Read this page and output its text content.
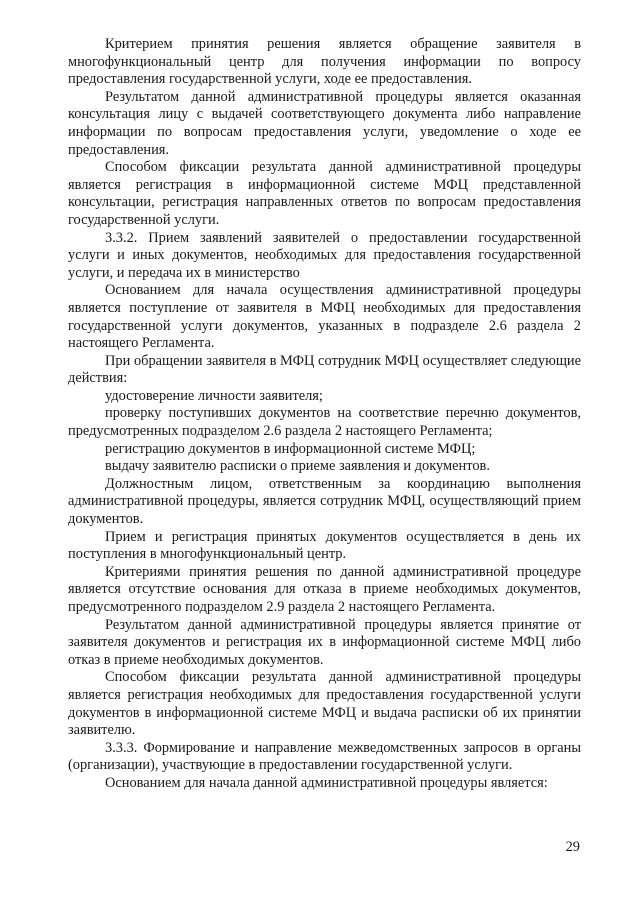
Критерием принятия решения является обращение заявителя в многофункциональный центр для получения информации по вопросу предоставления государственной услуги, ходе ее предоставления.

Результатом данной административной процедуры является оказанная консультация лицу с выдачей соответствующего документа либо направление информации по вопросам предоставления услуги, уведомление о ходе ее предоставления.

Способом фиксации результата данной административной процедуры является регистрация в информационной системе МФЦ представленной консультации, регистрация направленных ответов по вопросам предоставления государственной услуги.

3.3.2. Прием заявлений заявителей о предоставлении государственной услуги и иных документов, необходимых для предоставления государственной услуги, и передача их в министерство

Основанием для начала осуществления административной процедуры является поступление от заявителя в МФЦ необходимых для предоставления государственной услуги документов, указанных в подразделе 2.6 раздела 2 настоящего Регламента.

При обращении заявителя в МФЦ сотрудник МФЦ осуществляет следующие действия:

удостоверение личности заявителя;

проверку поступивших документов на соответствие перечню документов, предусмотренных подразделом 2.6 раздела 2 настоящего Регламента;

регистрацию документов в информационной системе МФЦ;

выдачу заявителю расписки о приеме заявления и документов.

Должностным лицом, ответственным за координацию выполнения административной процедуры, является сотрудник МФЦ, осуществляющий прием документов.

Прием и регистрация принятых документов осуществляется в день их поступления в многофункциональный центр.

Критериями принятия решения по данной административной процедуре является отсутствие основания для отказа в приеме необходимых документов, предусмотренного подразделом 2.9 раздела 2 настоящего Регламента.

Результатом данной административной процедуры является принятие от заявителя документов и регистрация их в информационной системе МФЦ либо отказ в приеме необходимых документов.

Способом фиксации результата данной административной процедуры является регистрация необходимых для предоставления государственной услуги документов в информационной системе МФЦ и выдача расписки об их принятии заявителю.

3.3.3. Формирование и направление межведомственных запросов в органы (организации), участвующие в предоставлении государственной услуги.

Основанием для начала данной административной процедуры является:

29
